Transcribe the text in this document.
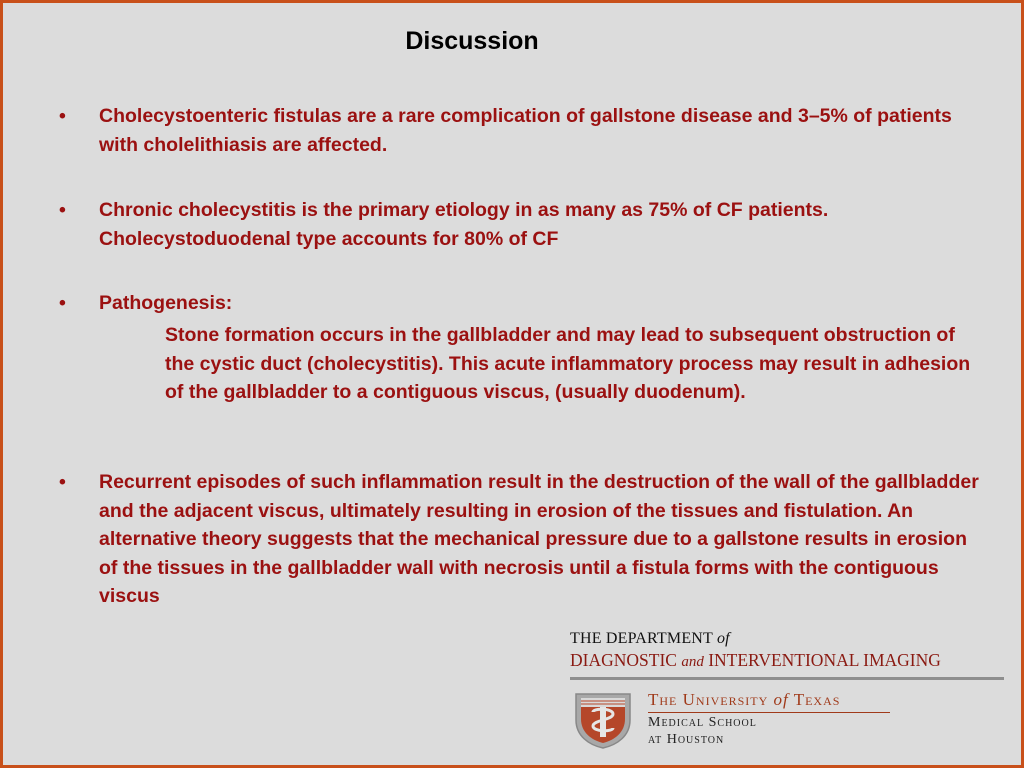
Discussion
• Cholecystoenteric fistulas are a rare complication of gallstone disease and 3–5% of patients with cholelithiasis are affected.
• Chronic cholecystitis is the primary etiology in as many as 75% of CF patients. Cholecystoduodenal type accounts for 80% of CF
• Pathogenesis:
Stone formation occurs in the gallbladder and may lead to subsequent obstruction of the cystic duct (cholecystitis). This acute inflammatory process may result in adhesion of the gallbladder to a contiguous viscus, (usually duodenum).
• Recurrent episodes of such inflammation result in the destruction of the wall of the gallbladder and the adjacent viscus, ultimately resulting in erosion of the tissues and fistulation. An alternative theory suggests that the mechanical pressure due to a gallstone results in erosion of the tissues in the gallbladder wall with necrosis until a fistula forms with the contiguous viscus
THE DEPARTMENT of
DIAGNOSTIC and INTERVENTIONAL IMAGING
The University of Texas
Medical School
at Houston
